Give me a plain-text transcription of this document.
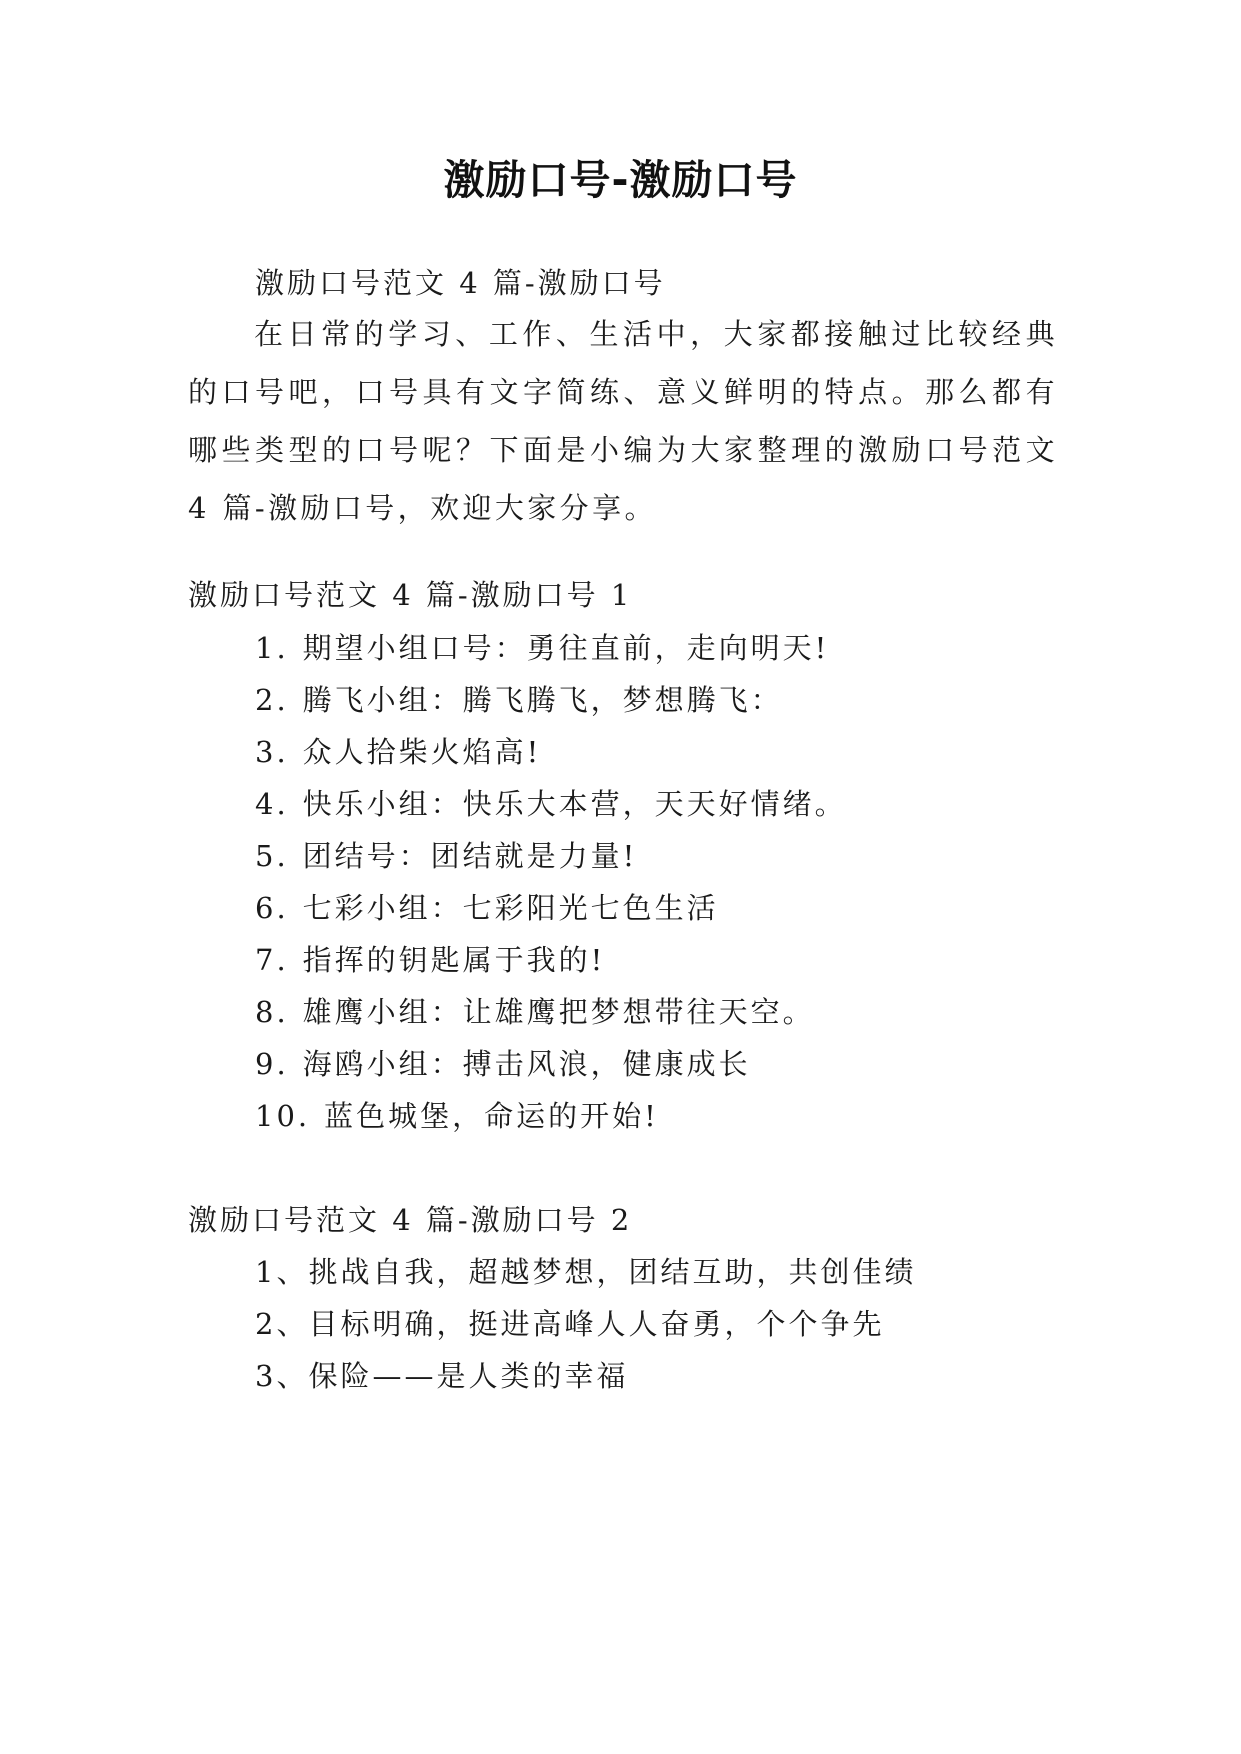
激励口号-激励口号
激励口号范文 4 篇-激励口号
在日常的学习、工作、生活中，大家都接触过比较经典的口号吧，口号具有文字简练、意义鲜明的特点。那么都有哪些类型的口号呢？下面是小编为大家整理的激励口号范文 4 篇-激励口号，欢迎大家分享。
激励口号范文 4 篇-激励口号 1
1. 期望小组口号：勇往直前，走向明天!
2. 腾飞小组：腾飞腾飞，梦想腾飞：
3. 众人拾柴火焰高!
4. 快乐小组：快乐大本营，天天好情绪。
5. 团结号：团结就是力量!
6. 七彩小组：七彩阳光七色生活
7. 指挥的钥匙属于我的!
8. 雄鹰小组：让雄鹰把梦想带往天空。
9. 海鸥小组：搏击风浪，健康成长
10. 蓝色城堡，命运的开始!
激励口号范文 4 篇-激励口号 2
1、挑战自我，超越梦想，团结互助，共创佳绩
2、目标明确，挺进高峰人人奋勇，个个争先
3、保险——是人类的幸福
